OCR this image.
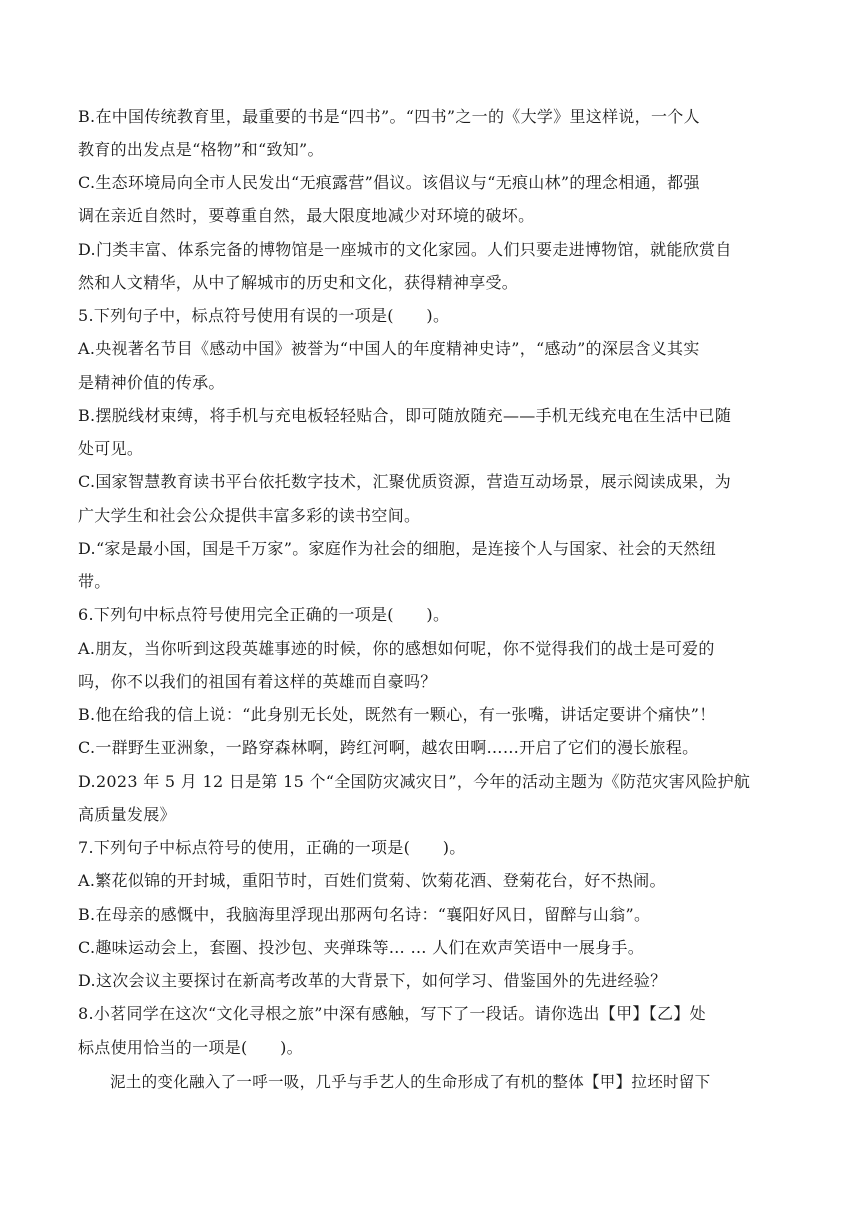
B.在中国传统教育里，最重要的书是“四书”。“四书”之一的《大学》里这样说，一个人
教育的出发点是“格物”和“致知”。
C.生态环境局向全市人民发出“无痕露营”倡议。该倡议与“无痕山林”的理念相通，都强
调在亲近自然时，要尊重自然，最大限度地减少对环境的破坏。
D.门类丰富、体系完备的博物馆是一座城市的文化家园。人们只要走进博物馆，就能欣赏自
然和人文精华，从中了解城市的历史和文化，获得精神享受。
5.下列句子中，标点符号使用有误的一项是(　　)。
A.央视著名节目《感动中国》被誉为“中国人的年度精神史诗”，“感动”的深层含义其实
是精神价值的传承。
B.摆脱线材束缚，将手机与充电板轻轻贴合，即可随放随充——手机无线充电在生活中已随
处可见。
C.国家智慧教育读书平台依托数字技术，汇聚优质资源，营造互动场景，展示阅读成果，为
广大学生和社会公众提供丰富多彩的读书空间。
D.“家是最小国，国是千万家”。家庭作为社会的细胞，是连接个人与国家、社会的天然纽
带。
6.下列句中标点符号使用完全正确的一项是(　　)。
A.朋友，当你听到这段英雄事迹的时候，你的感想如何呢，你不觉得我们的战士是可爱的
吗，你不以我们的祖国有着这样的英雄而自豪吗？
B.他在给我的信上说：“此身别无长处，既然有一颗心，有一张嘴，讲话定要讲个痛快”！
C.一群野生亚洲象，一路穿森林啊，跨红河啊，越农田啊……开启了它们的漫长旅程。
D.2023 年 5 月 12 日是第 15 个“全国防灾减灾日”，今年的活动主题为《防范灾害风险护航
高质量发展》
7.下列句子中标点符号的使用，正确的一项是(　　)。
A.繁花似锦的开封城，重阳节时，百姓们赏菊、饮菊花酒、登菊花台，好不热闹。
B.在母亲的感慨中，我脑海里浮现出那两句名诗：“襄阳好风日，留醉与山翁”。
C.趣味运动会上，套圈、投沙包、夹弹珠等… … 人们在欢声笑语中一展身手。
D.这次会议主要探讨在新高考改革的大背景下，如何学习、借鉴国外的先进经验？
8.小茗同学在这次“文化寻根之旅”中深有感触，写下了一段话。请你选出【甲】【乙】处
标点使用恰当的一项是(　　)。
泥土的变化融入了一呼一吸，几乎与手艺人的生命形成了有机的整体【甲】拉坯时留下
